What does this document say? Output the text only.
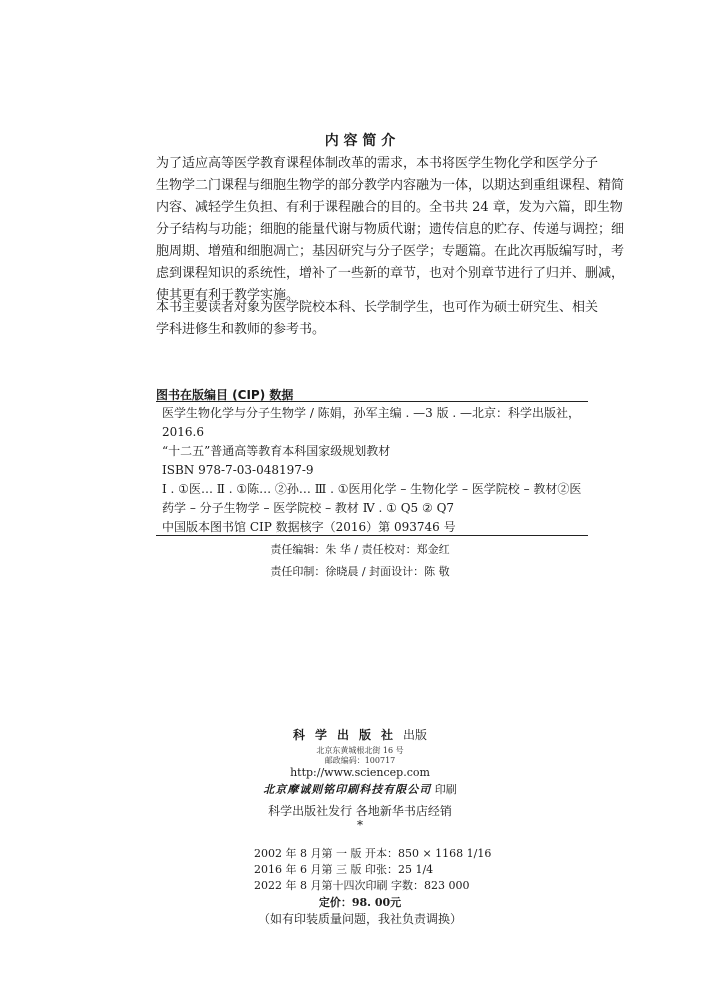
内 容 简 介
为了适应高等医学教育课程体制改革的需求，本书将医学生物化学和医学分子
生物学二门课程与细胞生物学的部分教学内容融为一体，以期达到重组课程、精简
内容、减轻学生负担、有利于课程融合的目的。全书共 24 章，发为六篇，即生物
分子结构与功能；细胞的能量代谢与物质代谢；遗传信息的贮存、传递与调控；细
胞周期、增殖和细胞凋亡；基因研究与分子医学；专题篇。在此次再版编写时，考
虑到课程知识的系统性，增补了一些新的章节，也对个别章节进行了归并、删减，
使其更有利于教学实施。
本书主要读者对象为医学院校本科、长学制学生，也可作为硕士研究生、相关
学科进修生和教师的参考书。
图书在版编目 (CIP) 数据
医学生物化学与分子生物学 / 陈娟，孙军主编 . —3 版 . —北京：科学出版社，
2016.6
“十二五”普通高等教育本科国家级规划教材
ISBN 978-7-03-048197-9
Ⅰ . ①医… Ⅱ . ①陈… ②孙… Ⅲ . ①医用化学 – 生物化学 – 医学院校 – 教材②医
药学 – 分子生物学 – 医学院校 – 教材 Ⅳ . ① Q5 ② Q7
中国版本图书馆 CIP 数据核字（2016）第 093746 号
责任编辑：朱 华 / 责任校对：郑金红
责任印制：徐晓晨 / 封面设计：陈 敬
科学出版社出版
北京东黄城根北街 16 号
邮政编码：100717
http://www.sciencep.com
北京摩诚则铭印刷科技有限公司 印刷
科学出版社发行 各地新华书店经销
*
2002 年 8 月第 一 版 开本：850 × 1168 1/16
2016 年 6 月第 三 版 印张：25 1/4
2022 年 8 月第十四次印刷 字数：823 000
定价：98. 00元
（如有印装质量问题，我社负责调换）
